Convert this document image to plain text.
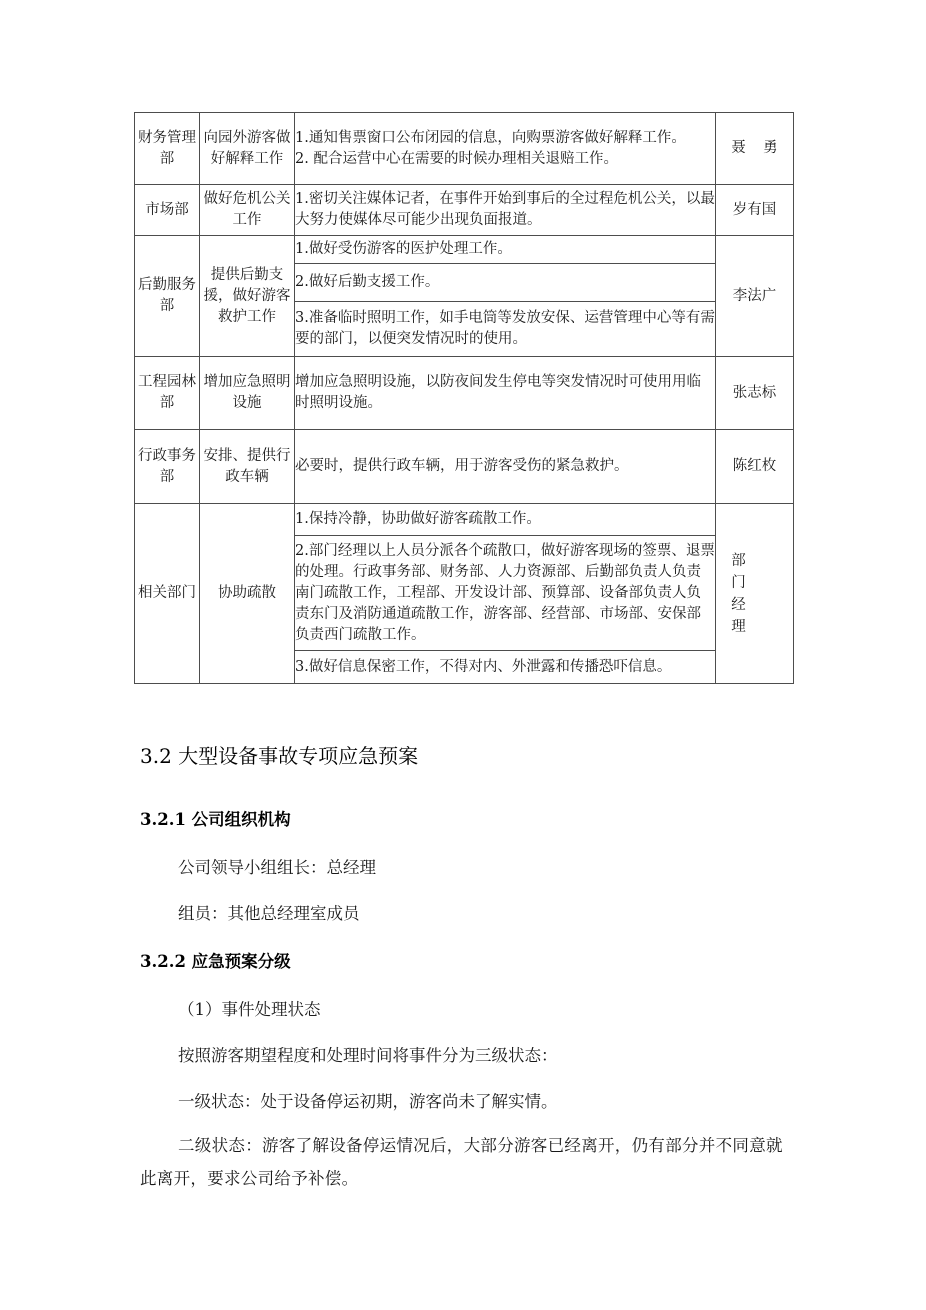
财务管理部	向园外游客做好解释工作	1.通知售票窗口公布闭园的信息，向购票游客做好解释工作。
2. 配合运营中心在需要的时候办理相关退赔工作。	聂勇
市场部	做好危机公关工作	1.密切关注媒体记者，在事件开始到事后的全过程危机公关，以最大努力使媒体尽可能少出现负面报道。	岁有国
后勤服务部	提供后勤支援，做好游客救护工作	1.做好受伤游客的医护处理工作。	李法广
		2.做好后勤支援工作。	
		3.准备临时照明工作，如手电筒等发放安保、运营管理中心等有需要的部门，以便突发情况时的使用。	
工程园林部	增加应急照明设施	增加应急照明设施，以防夜间发生停电等突发情况时可使用用临时照明设施。	张志标
行政事务部	安排、提供行政车辆	必要时，提供行政车辆，用于游客受伤的紧急救护。	陈红枚
相关部门	协助疏散	1.保持冷静，协助做好游客疏散工作。	部门
经理
		2.部门经理以上人员分派各个疏散口，做好游客现场的签票、退票的处理。行政事务部、财务部、人力资源部、后勤部负责人负责南门疏散工作，工程部、开发设计部、预算部、设备部负责人负责东门及消防通道疏散工作，游客部、经营部、市场部、安保部负责西门疏散工作。	
		3.做好信息保密工作，不得对内、外泄露和传播恐吓信息。	
3.2 大型设备事故专项应急预案
3.2.1 公司组织机构

公司领导小组组长：总经理

组员：其他总经理室成员

3.2.2 应急预案分级

（1）事件处理状态

按照游客期望程度和处理时间将事件分为三级状态：

一级状态：处于设备停运初期，游客尚未了解实情。

二级状态：游客了解设备停运情况后，大部分游客已经离开，仍有部分并不同意就此离开，要求公司给予补偿。
